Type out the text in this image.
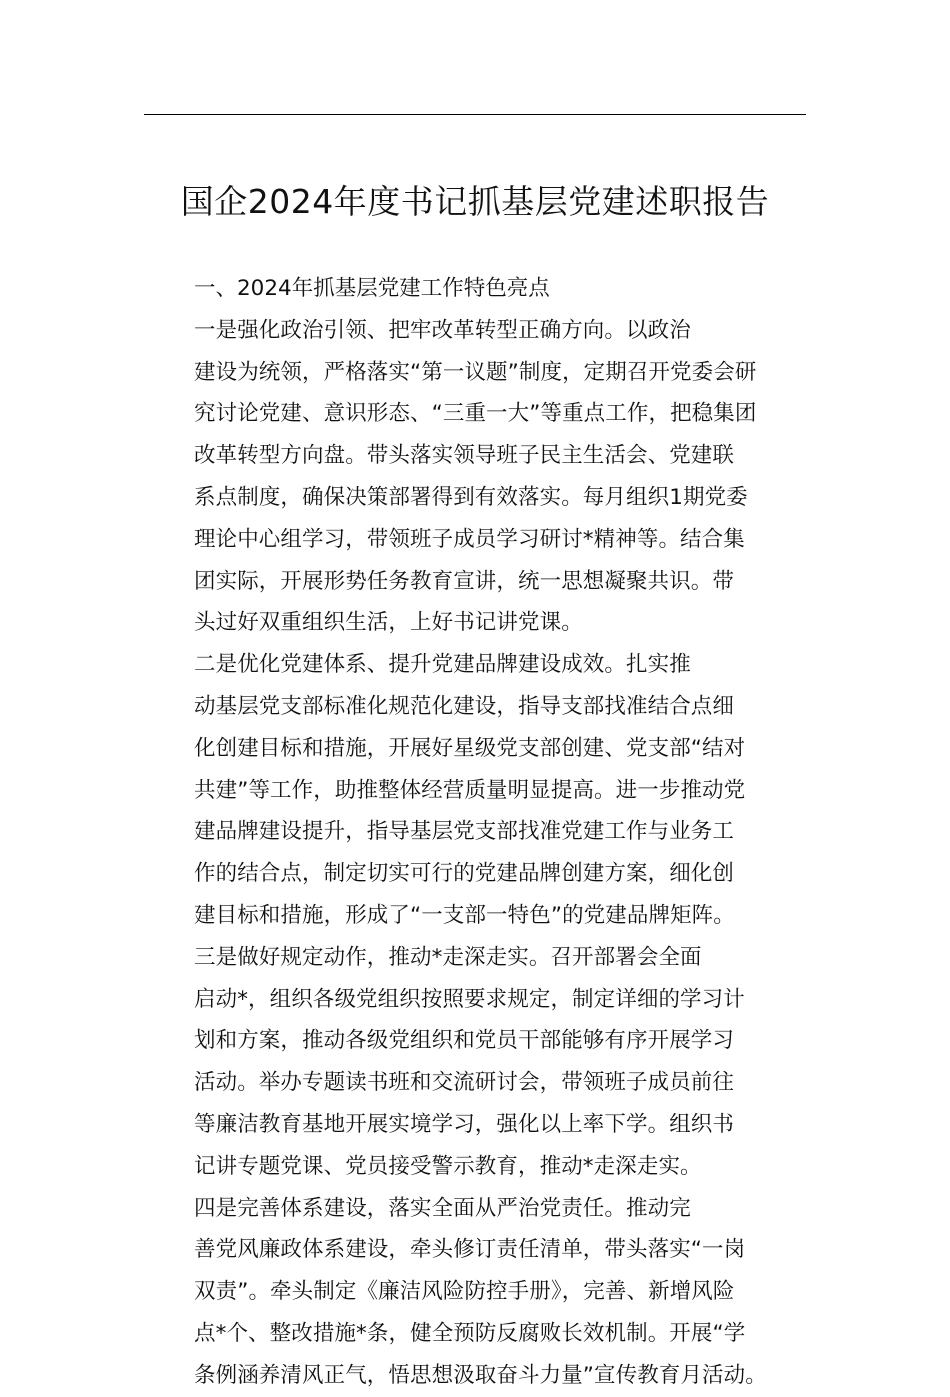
国企2024年度书记抓基层党建述职报告

一、2024年抓基层党建工作特色亮点

一是强化政治引领、把牢改革转型正确方向。以政治
建设为统领，严格落实“第一议题”制度，定期召开党委会研
究讨论党建、意识形态、“三重一大”等重点工作，把稳集团
改革转型方向盘。带头落实领导班子民主生活会、党建联
系点制度，确保决策部署得到有效落实。每月组织1期党委
理论中心组学习，带领班子成员学习研讨*精神等。结合集
团实际，开展形势任务教育宣讲，统一思想凝聚共识。带
头过好双重组织生活，上好书记讲党课。

二是优化党建体系、提升党建品牌建设成效。扎实推
动基层党支部标准化规范化建设，指导支部找准结合点细
化创建目标和措施，开展好星级党支部创建、党支部“结对
共建”等工作，助推整体经营质量明显提高。进一步推动党
建品牌建设提升，指导基层党支部找准党建工作与业务工
作的结合点，制定切实可行的党建品牌创建方案，细化创
建目标和措施，形成了“一支部一特色”的党建品牌矩阵。

三是做好规定动作，推动*走深走实。召开部署会全面
启动*，组织各级党组织按照要求规定，制定详细的学习计
划和方案，推动各级党组织和党员干部能够有序开展学习
活动。举办专题读书班和交流研讨会，带领班子成员前往
等廉洁教育基地开展实境学习，强化以上率下学。组织书
记讲专题党课、党员接受警示教育，推动*走深走实。

四是完善体系建设，落实全面从严治党责任。推动完
善党风廉政体系建设，牵头修订责任清单，带头落实“一岗
双责”。牵头制定《廉洁风险防控手册》，完善、新增风险
点*个、整改措施*条，健全预防反腐败长效机制。开展“学
条例涵养清风正气，悟思想汲取奋斗力量”宣传教育月活动。
